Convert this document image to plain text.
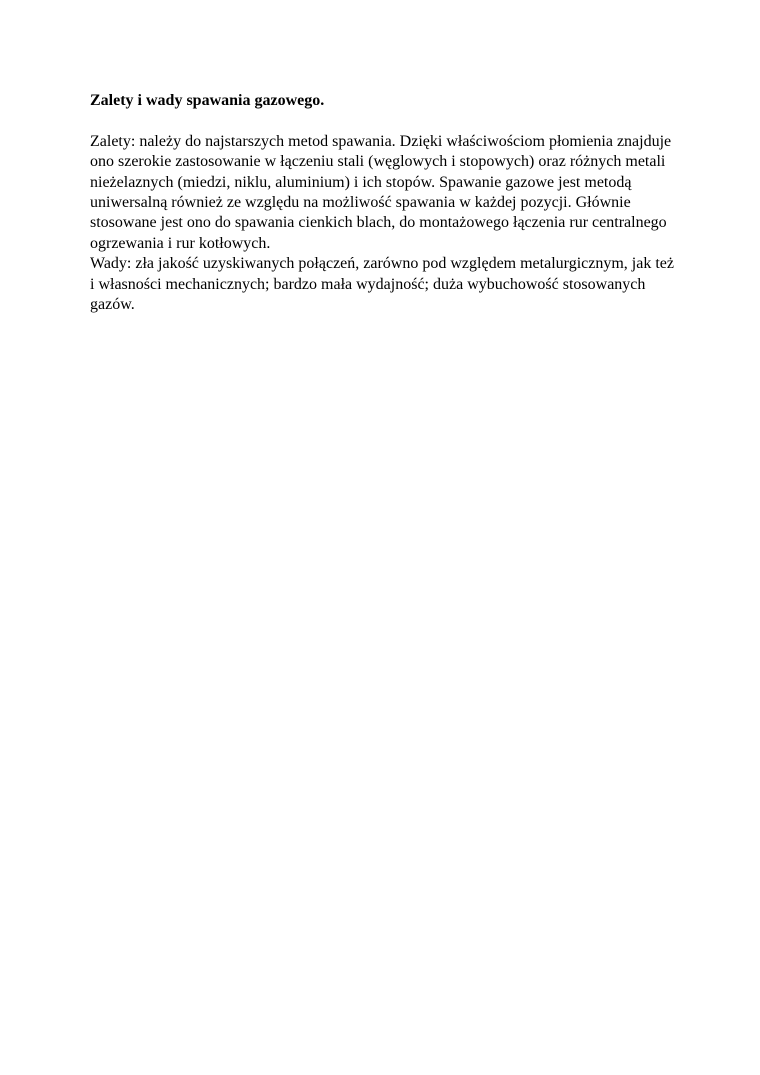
Zalety i wady spawania gazowego.

Zalety: należy do najstarszych metod spawania. Dzięki właściwościom płomienia znajduje ono szerokie zastosowanie w łączeniu stali (węglowych i stopowych) oraz różnych metali nieżelaznych (miedzi, niklu, aluminium) i ich stopów. Spawanie gazowe jest metodą uniwersalną również ze względu na możliwość spawania w każdej pozycji. Głównie stosowane jest ono do spawania cienkich blach, do montażowego łączenia rur centralnego ogrzewania i rur kotłowych.

Wady: zła jakość uzyskiwanych połączeń, zarówno pod względem metalurgicznym, jak też i własności mechanicznych; bardzo mała wydajność; duża wybuchowość stosowanych gazów.
